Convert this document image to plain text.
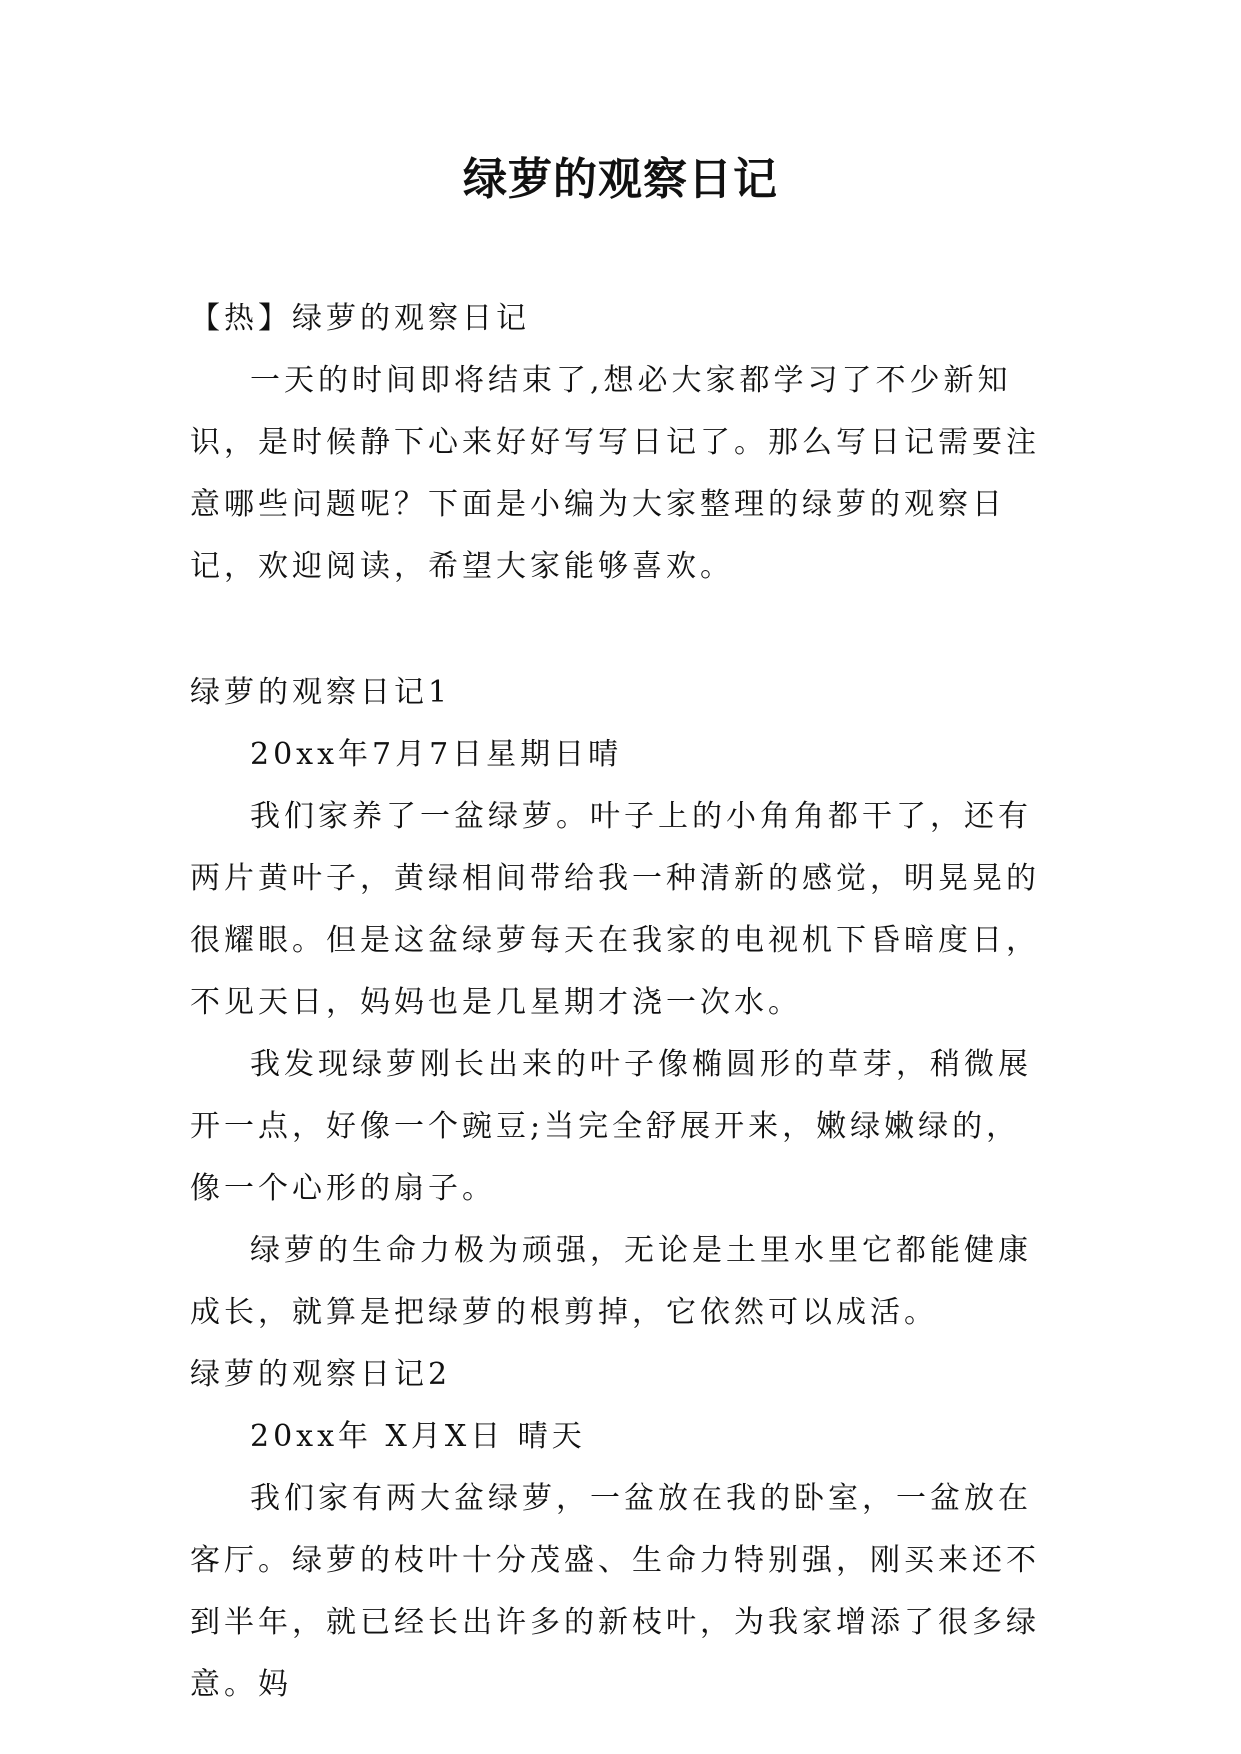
绿萝的观察日记

【热】绿萝的观察日记

一天的时间即将结束了,想必大家都学习了不少新知识，是时候静下心来好好写写日记了。那么写日记需要注意哪些问题呢？下面是小编为大家整理的绿萝的观察日记，欢迎阅读，希望大家能够喜欢。

绿萝的观察日记1

20xx年7月7日星期日晴

我们家养了一盆绿萝。叶子上的小角角都干了，还有两片黄叶子，黄绿相间带给我一种清新的感觉，明晃晃的很耀眼。但是这盆绿萝每天在我家的电视机下昏暗度日，不见天日，妈妈也是几星期才浇一次水。

我发现绿萝刚长出来的叶子像椭圆形的草芽，稍微展开一点，好像一个豌豆;当完全舒展开来，嫩绿嫩绿的，像一个心形的扇子。

绿萝的生命力极为顽强，无论是土里水里它都能健康成长，就算是把绿萝的根剪掉，它依然可以成活。

绿萝的观察日记2

20xx年 X月X日 晴天

我们家有两大盆绿萝，一盆放在我的卧室，一盆放在客厅。绿萝的枝叶十分茂盛、生命力特别强，刚买来还不到半年，就已经长出许多的新枝叶，为我家增添了很多绿意。妈
